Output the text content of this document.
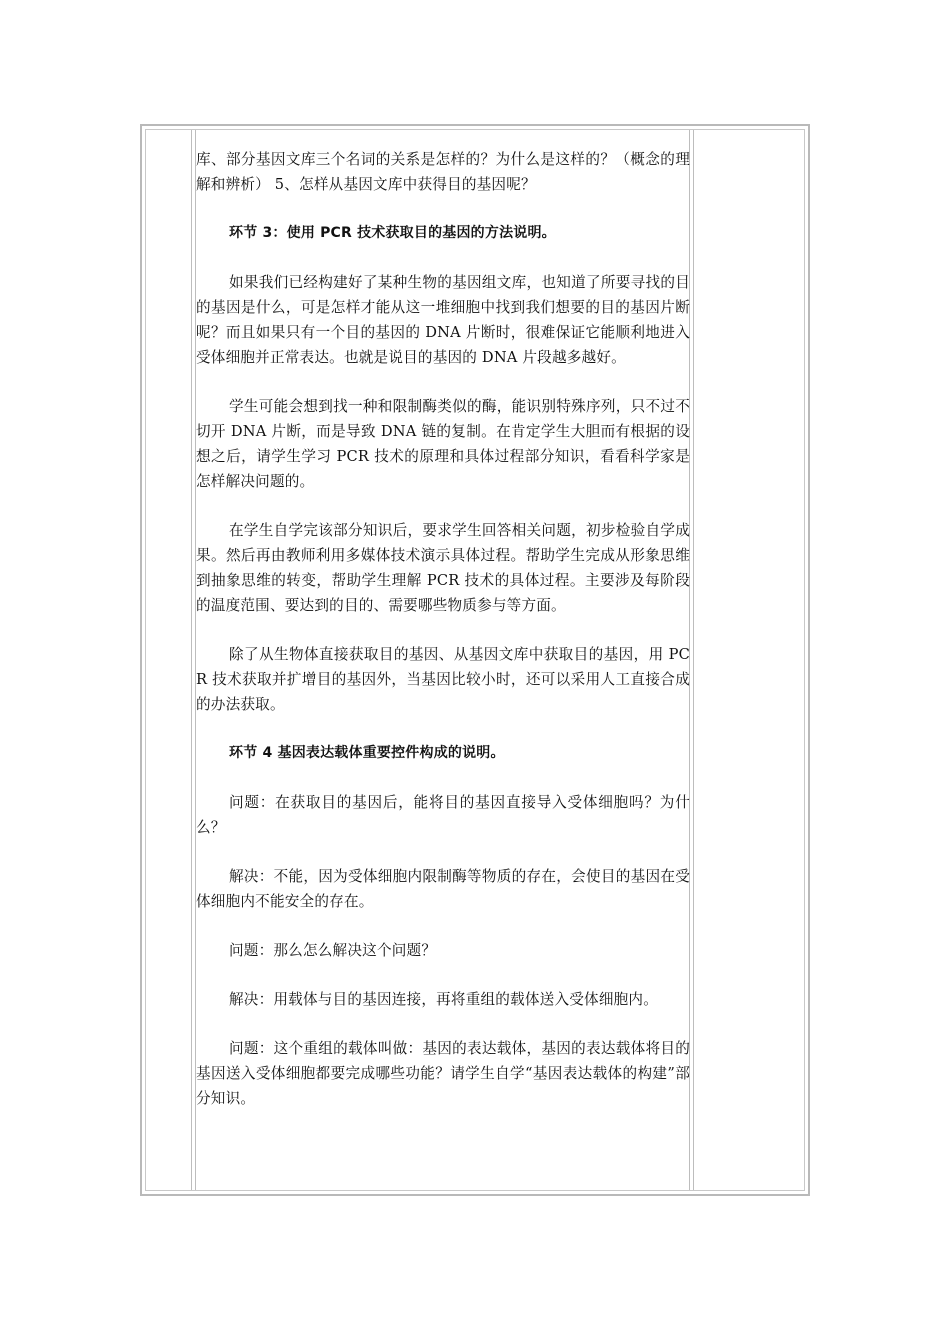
库、部分基因文库三个名词的关系是怎样的？为什么是这样的？（概念的理解和辨析） 5、怎样从基因文库中获得目的基因呢？

环节 3：使用 PCR 技术获取目的基因的方法说明。

如果我们已经构建好了某种生物的基因组文库，也知道了所要寻找的目的基因是什么，可是怎样才能从这一堆细胞中找到我们想要的目的基因片断呢？而且如果只有一个目的基因的 DNA 片断时，很难保证它能顺利地进入受体细胞并正常表达。也就是说目的基因的 DNA 片段越多越好。

学生可能会想到找一种和限制酶类似的酶，能识别特殊序列，只不过不切开 DNA 片断，而是导致 DNA 链的复制。在肯定学生大胆而有根据的设想之后，请学生学习 PCR 技术的原理和具体过程部分知识，看看科学家是怎样解决问题的。

在学生自学完该部分知识后，要求学生回答相关问题，初步检验自学成果。然后再由教师利用多媒体技术演示具体过程。帮助学生完成从形象思维到抽象思维的转变，帮助学生理解 PCR 技术的具体过程。主要涉及每阶段的温度范围、要达到的目的、需要哪些物质参与等方面。

除了从生物体直接获取目的基因、从基因文库中获取目的基因，用 PCR 技术获取并扩增目的基因外，当基因比较小时，还可以采用人工直接合成的办法获取。

环节 4 基因表达载体重要控件构成的说明。

问题：在获取目的基因后，能将目的基因直接导入受体细胞吗？为什么？

解决：不能，因为受体细胞内限制酶等物质的存在，会使目的基因在受体细胞内不能安全的存在。

问题：那么怎么解决这个问题？

解决：用载体与目的基因连接，再将重组的载体送入受体细胞内。

问题：这个重组的载体叫做：基因的表达载体，基因的表达载体将目的基因送入受体细胞都要完成哪些功能？请学生自学“基因表达载体的构建”部分知识。
